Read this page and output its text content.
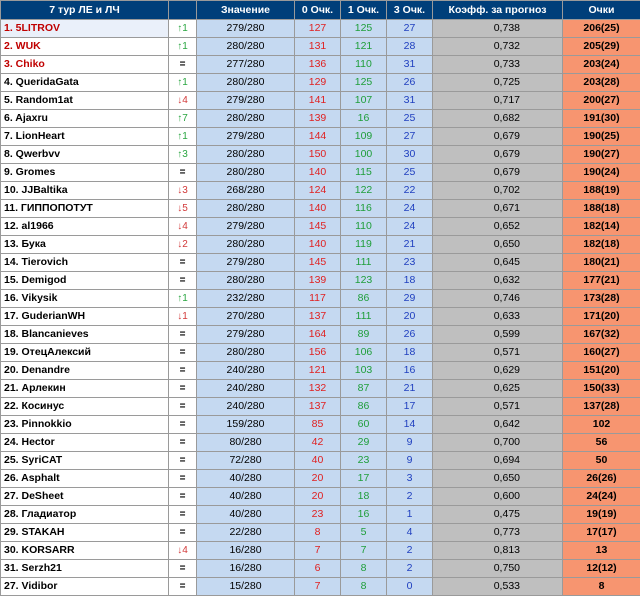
7 тур ЛЕ и ЛЧ		Значение	0 Очк.	1 Очк.	3 Очк.	Коэфф. за прогноз	Очки
1. 5LITROV	↑1	279/280	127	125	27	0,738	206(25)
2. WUK	↑1	280/280	131	121	28	0,732	205(29)
3. Chiko	=	277/280	136	110	31	0,733	203(24)
4. QueridaGata	↑1	280/280	129	125	26	0,725	203(28)
5. Random1at	↓4	279/280	141	107	31	0,717	200(27)
6. Ajaxru	↑7	280/280	139	16	25	0,682	191(30)
7. LionHeart	↑1	279/280	144	109	27	0,679	190(25)
8. Qwerbvv	↑3	280/280	150	100	30	0,679	190(27)
9. Gromes	=	280/280	140	115	25	0,679	190(24)
10. JJBaltika	↓3	268/280	124	122	22	0,702	188(19)
11. ГИППОПОТУТ	↓5	280/280	140	116	24	0,671	188(18)
12. al1966	↓4	279/280	145	110	24	0,652	182(14)
13. Бука	↓2	280/280	140	119	21	0,650	182(18)
14. Tierovich	=	279/280	145	111	23	0,645	180(21)
15. Demigod	=	280/280	139	123	18	0,632	177(21)
16. Vikysik	↑1	232/280	117	86	29	0,746	173(28)
17. GuderianWH	↓1	270/280	137	111	20	0,633	171(20)
18. Blancanieves	=	279/280	164	89	26	0,599	167(32)
19. ОтецАлексий	=	280/280	156	106	18	0,571	160(27)
20. Denandre	=	240/280	121	103	16	0,629	151(20)
21. Арлекин	=	240/280	132	87	21	0,625	150(33)
22. Косинус	=	240/280	137	86	17	0,571	137(28)
23. Pinnokkio	=	159/280	85	60	14	0,642	102
24. Hector	=	80/280	42	29	9	0,700	56
25. SyriCAT	=	72/280	40	23	9	0,694	50
26. Asphalt	=	40/280	20	17	3	0,650	26(26)
27. DeSheet	=	40/280	20	18	2	0,600	24(24)
28. Гладиатор	=	40/280	23	16	1	0,475	19(19)
29. STAKAH	=	22/280	8	5	4	0,773	17(17)
30. KORSARR	↓4	16/280	7	7	2	0,813	13
31. Serzh21	=	16/280	6	8	2	0,750	12(12)
27. Vidibor	=	15/280	7	8	0	0,533	8
